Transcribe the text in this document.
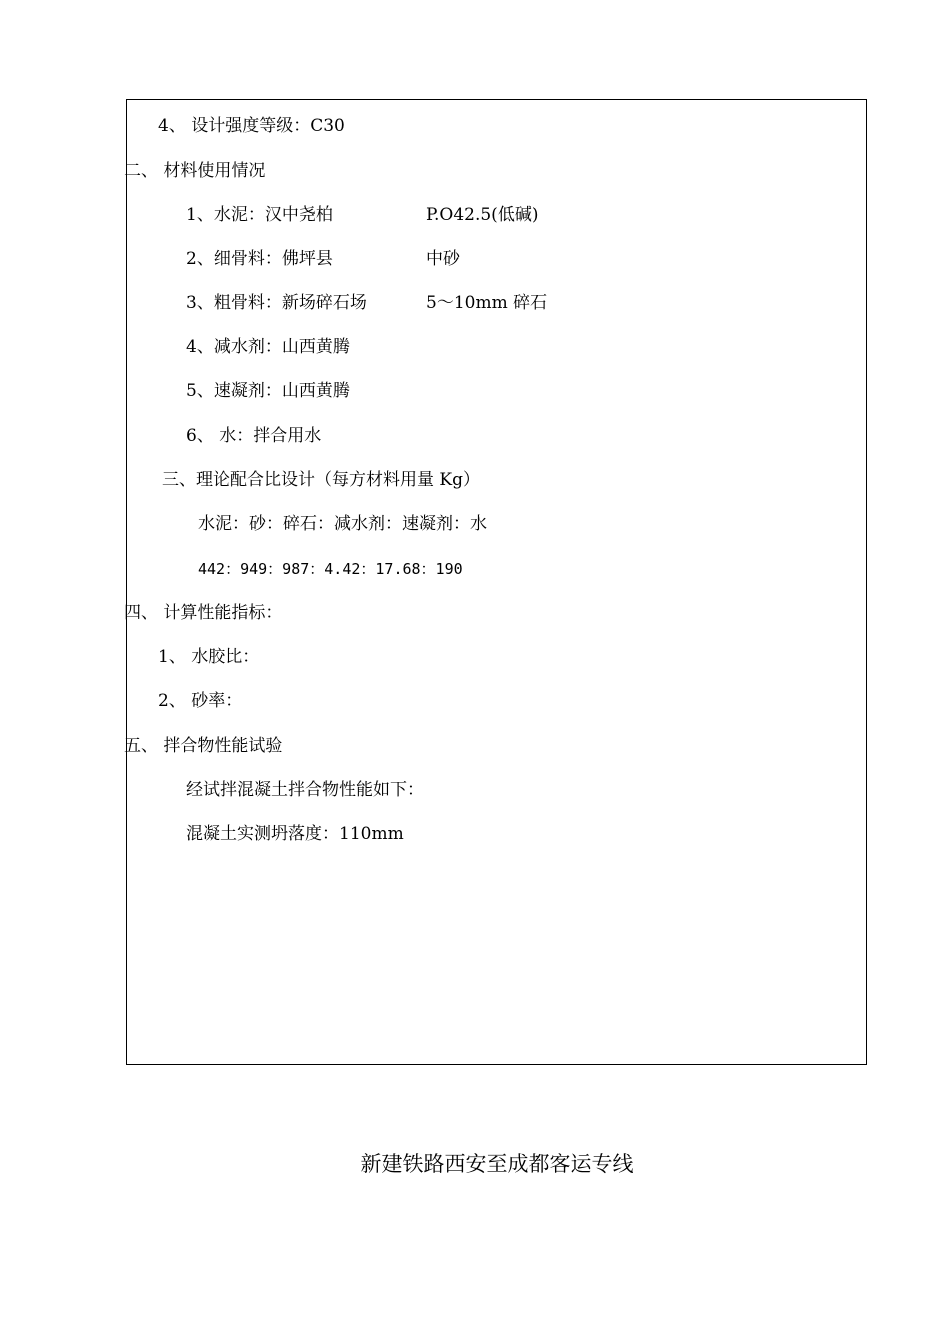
4、 设计强度等级：C30
二、 材料使用情况
1、水泥：汉中尧柏	P.O42.5(低碱)
2、细骨料：佛坪县	中砂
3、粗骨料：新场碎石场	5～10mm 碎石
4、减水剂：山西黄腾
5、速凝剂：山西黄腾
6、 水：拌合用水
三、理论配合比设计（每方材料用量 Kg）
水泥：砂：碎石：减水剂：速凝剂：水
442：949：987：4.42：17.68：190
四、 计算性能指标：
1、 水胶比：
2、 砂率：
五、 拌合物性能试验
经试拌混凝土拌合物性能如下：
混凝土实测坍落度：110mm
新建铁路西安至成都客运专线
